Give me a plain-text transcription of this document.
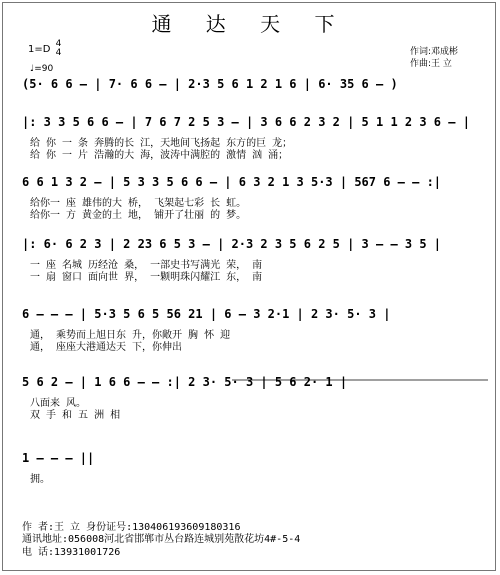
通 达 天 下
1=D 4
4
♩=90
作词:邓成彬
作曲:王 立
(5· 6 6 – | 7· 6 6 – | 2·3 5 6 1 2 1 6 | 6· 35 6 – )
|: 3 3 5 6 6 – | 7 6 7 2 5 3 – | 3 6 6 2 3 2 | 5 1 1 2 3 6 – |
给 你 一 条 奔腾的长 江，天地间飞扬起 东方的巨 龙；
给 你 一 片 浩瀚的大 海，波涛中满腔的 激情 汹 涌；
6 6 1 3 2 – | 5 3 3 5 6 6 – | 6 3 2 1 3 5·3 | 567 6 – – :|
给你一 座 雄伟的大 桥， 飞架起七彩 长 虹。
给你一 方 黄金的土 地， 铺开了壮丽 的 梦。
|: 6· 6 2 3 | 2 23 6 5 3 – | 2·3 2 3 5 6 2 5 | 3 – – 3 5 |
一 座 名城 历经沧 桑， 一部史书写满光 荣， 南
一 扇 窗口 面向世 界， 一颗明珠闪耀江 东， 南
6 – – – | 5·3 5 6 5 56 21 | 6 – 3 2·1 | 2 3· 5· 3 |
通， 乘势而上旭日东 升，你敞开 胸 怀 迎
通， 座座大港通达天 下，你伸出
5 6 2 – | 1 6 6 – – :| 2 3· 5· 3 | 5 6 2· 1 |
八面来 风。
双 手 和 五 洲 相
1 – – – ||
拥。
作 者:王 立 身份证号:130406193609180316
通讯地址:056008河北省邯郸市丛台路连城别苑散花坊4#-5-4
电 话:13931001726
